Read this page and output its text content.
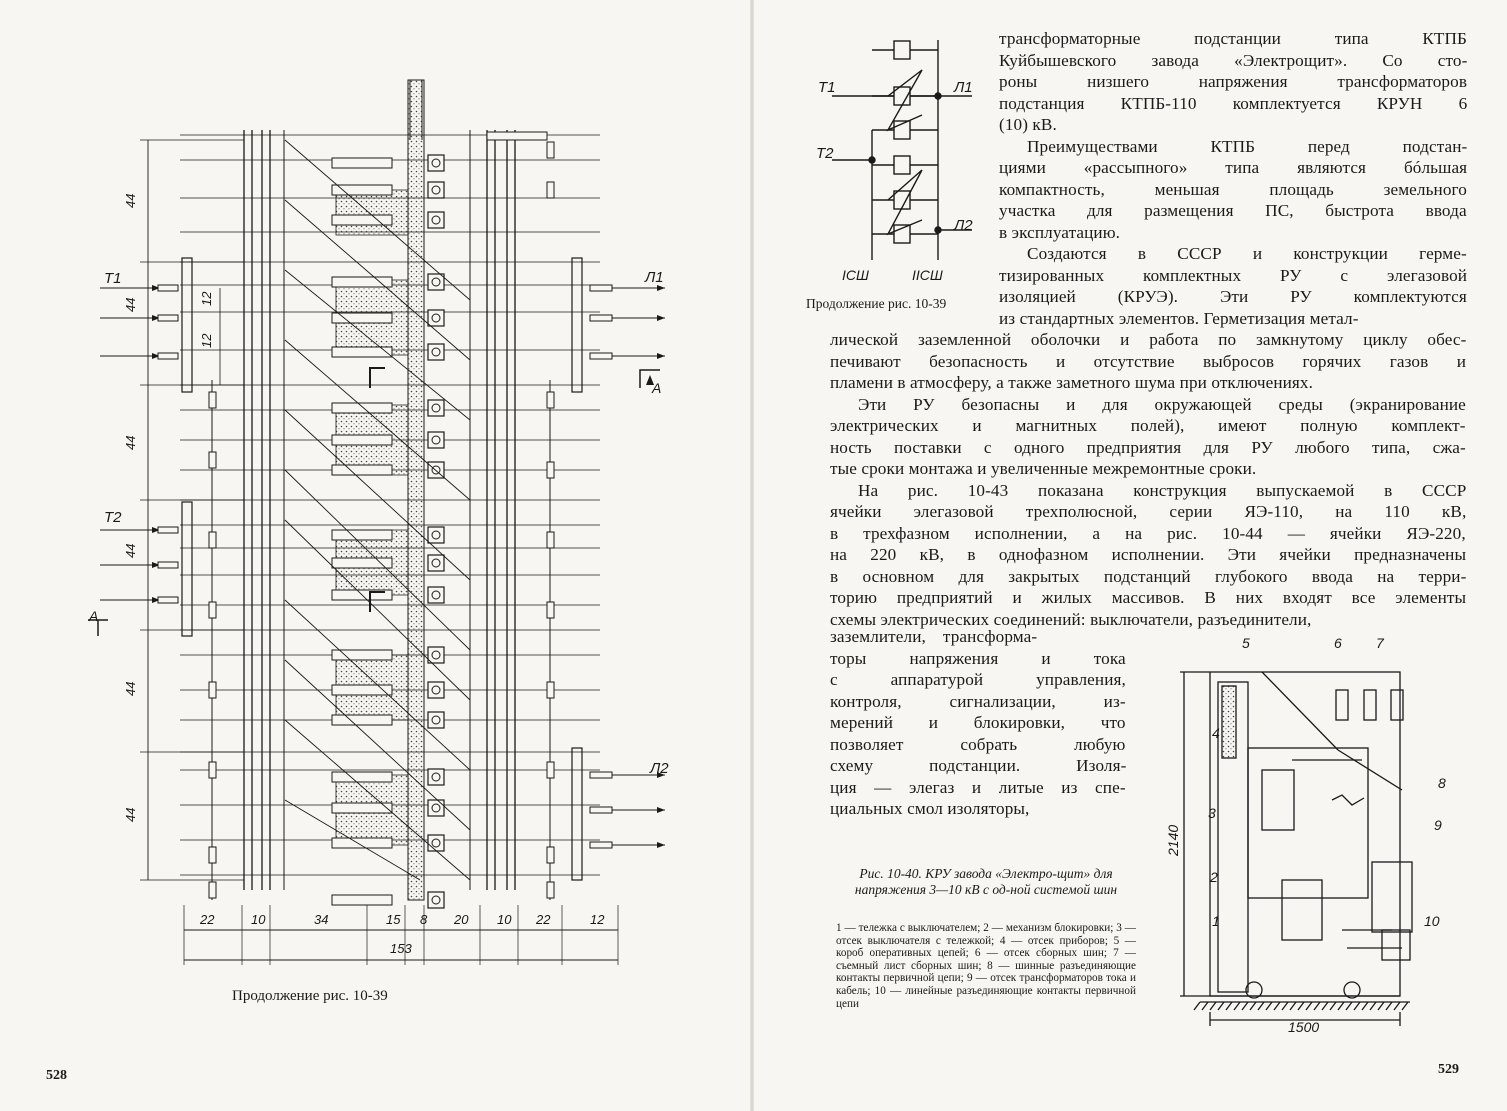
T1
T2
Л1
Л2
А
А
44
44	12
12
44
44
44
44
22	10	34	15 8 20 10 22	12
153
Продолжение рис. 10-39
528
T1
T2
Л1
Л2
IСШ	IIСШ
Продолжение рис. 10-39
трансформаторные подстанции типа КТПБ
Куйбышевского завода «Электрощит». Со сто-
роны низшего напряжения трансформаторов
подстанция КТПБ-110 комплектуется КРУН 6
(10) кВ.
Преимуществами КТПБ перед подстан-
циями «рассыпного» типа являются бóльшая
компактность, меньшая площадь земельного
участка для размещения ПС, быстрота ввода
в эксплуатацию.
Создаются в СССР и конструкции герме-
тизированных комплектных РУ с элегазовой
изоляцией (КРУЭ). Эти РУ комплектуются
из стандартных элементов. Герметизация метал-
лической заземленной оболочки и работа по замкнутому циклу обес-
печивают безопасность и отсутствие выбросов горячих газов и
пламени в атмосферу, а также заметного шума при отключениях.
Эти РУ безопасны и для окружающей среды (экранирование
электрических и магнитных полей), имеют полную комплект-
ность поставки с одного предприятия для РУ любого типа, сжа-
тые сроки монтажа и увеличенные межремонтные сроки.
На рис. 10-43 показана конструкция выпускаемой в СССР
ячейки элегазовой трехполюсной, серии ЯЭ-110, на 110 кВ,
в трехфазном исполнении, а на рис. 10-44 — ячейки ЯЭ-220,
на 220 кВ, в однофазном исполнении. Эти ячейки предназначены
в основном для закрытых подстанций глубокого ввода на терри-
торию предприятий и жилых массивов. В них входят все элементы
схемы электрических соединений: выключатели, разъединители,
заземлители, трансформа-
торы напряжения и тока
с аппаратурой управления,
контроля, сигнализации, из-
мерений и блокировки, что
позволяет собрать любую
схему подстанции. Изоля-
ция — элегаз и литые из спе-
циальных смол изоляторы,
1
2
3
4
5	6 7
8
9
10
2140
1500
Рис. 10-40. КРУ завода «Электро-щит» для напряжения 3—10 кВ с од-ной системой шин
1 — тележка с выключателем; 2 — механизм блокировки; 3 — отсек выключателя с тележкой; 4 — отсек приборов; 5 — короб оперативных цепей; 6 — отсек сборных шин; 7 — съемный лист сборных шин; 8 — шинные разъединяющие контакты первичной цепи; 9 — отсек трансформаторов тока и кабель; 10 — линейные разъединяющие контакты первичной цепи
529
